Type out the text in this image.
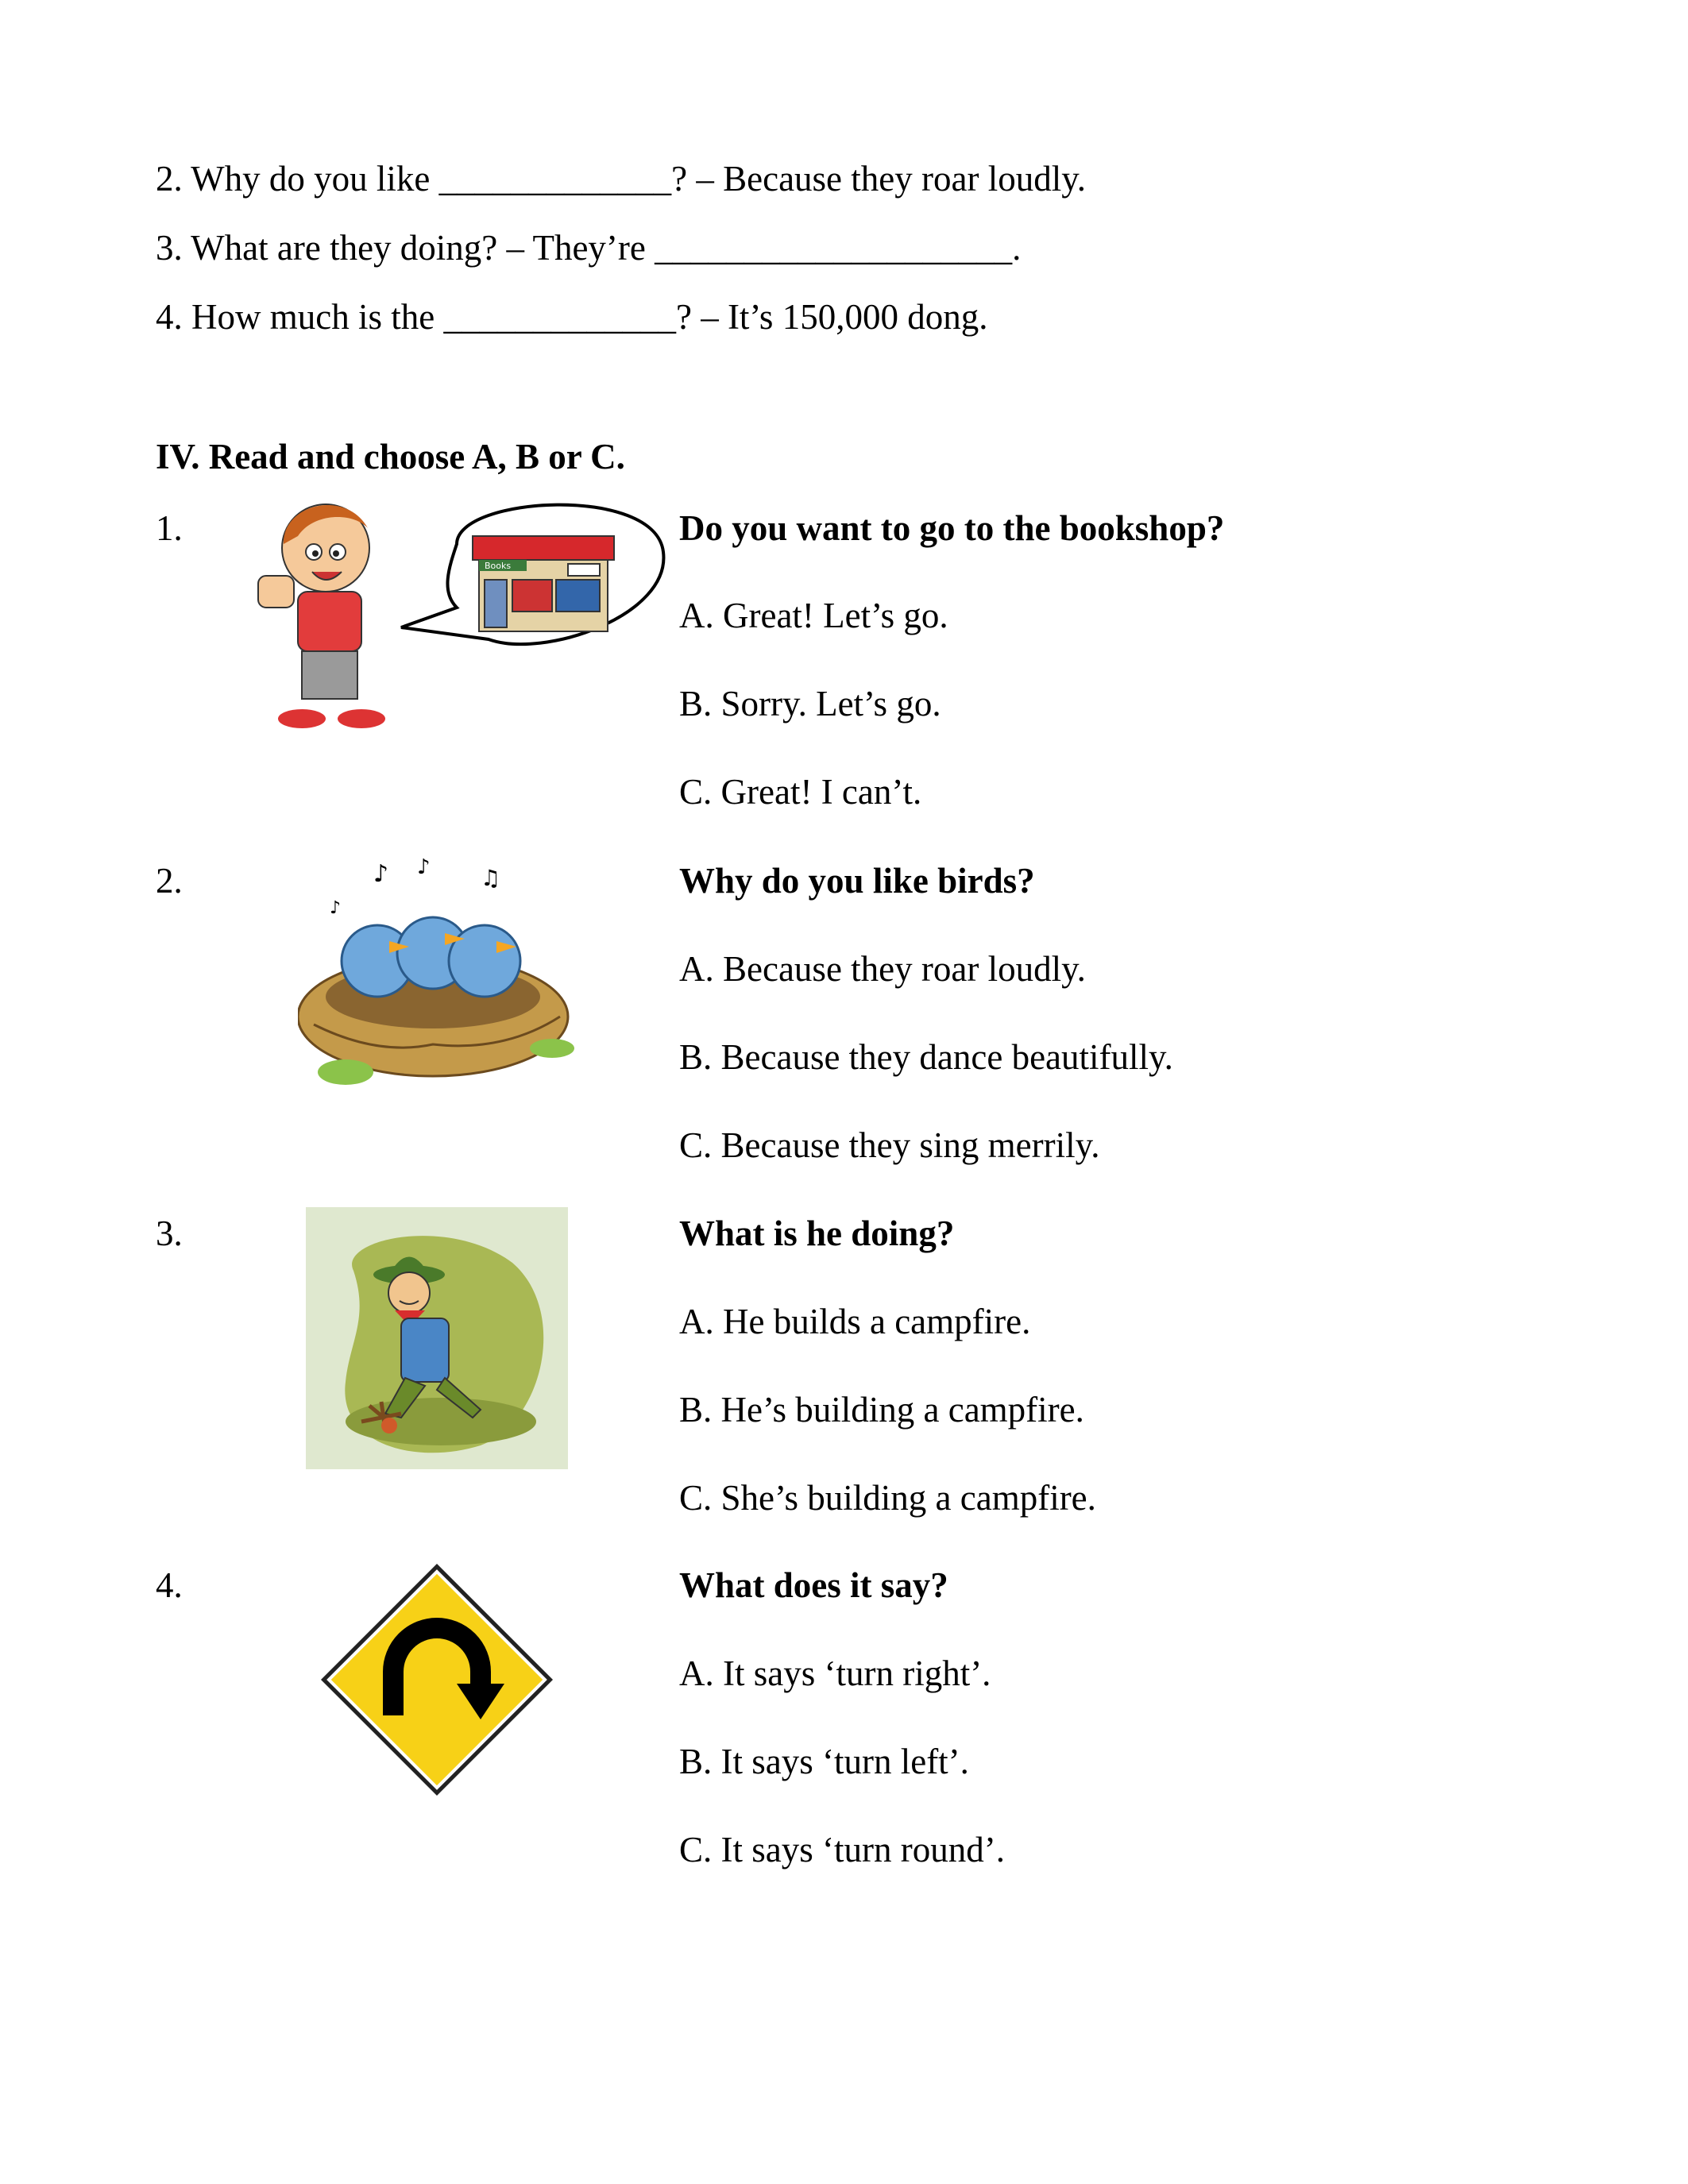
2. Why do you like _____________? – Because they roar loudly.
3. What are they doing? – They’re ____________________.
4. How much is the _____________? – It’s 150,000 dong.
IV. Read and choose A, B or C.
1.
Books
Do you want to go to the bookshop?
A. Great! Let’s go.
B. Sorry. Let’s go.
C. Great! I can’t.
2.	♪ ♪ ♫
♪
Why do you like birds?
A. Because they roar loudly.
B. Because they dance beautifully.
C. Because they sing merrily.
3.	What is he doing?
A. He builds a campfire.
B. He’s building a campfire.
C. She’s building a campfire.
4.	What does it say?
A. It says ‘turn right’.
B. It says ‘turn left’.
C. It says ‘turn round’.
